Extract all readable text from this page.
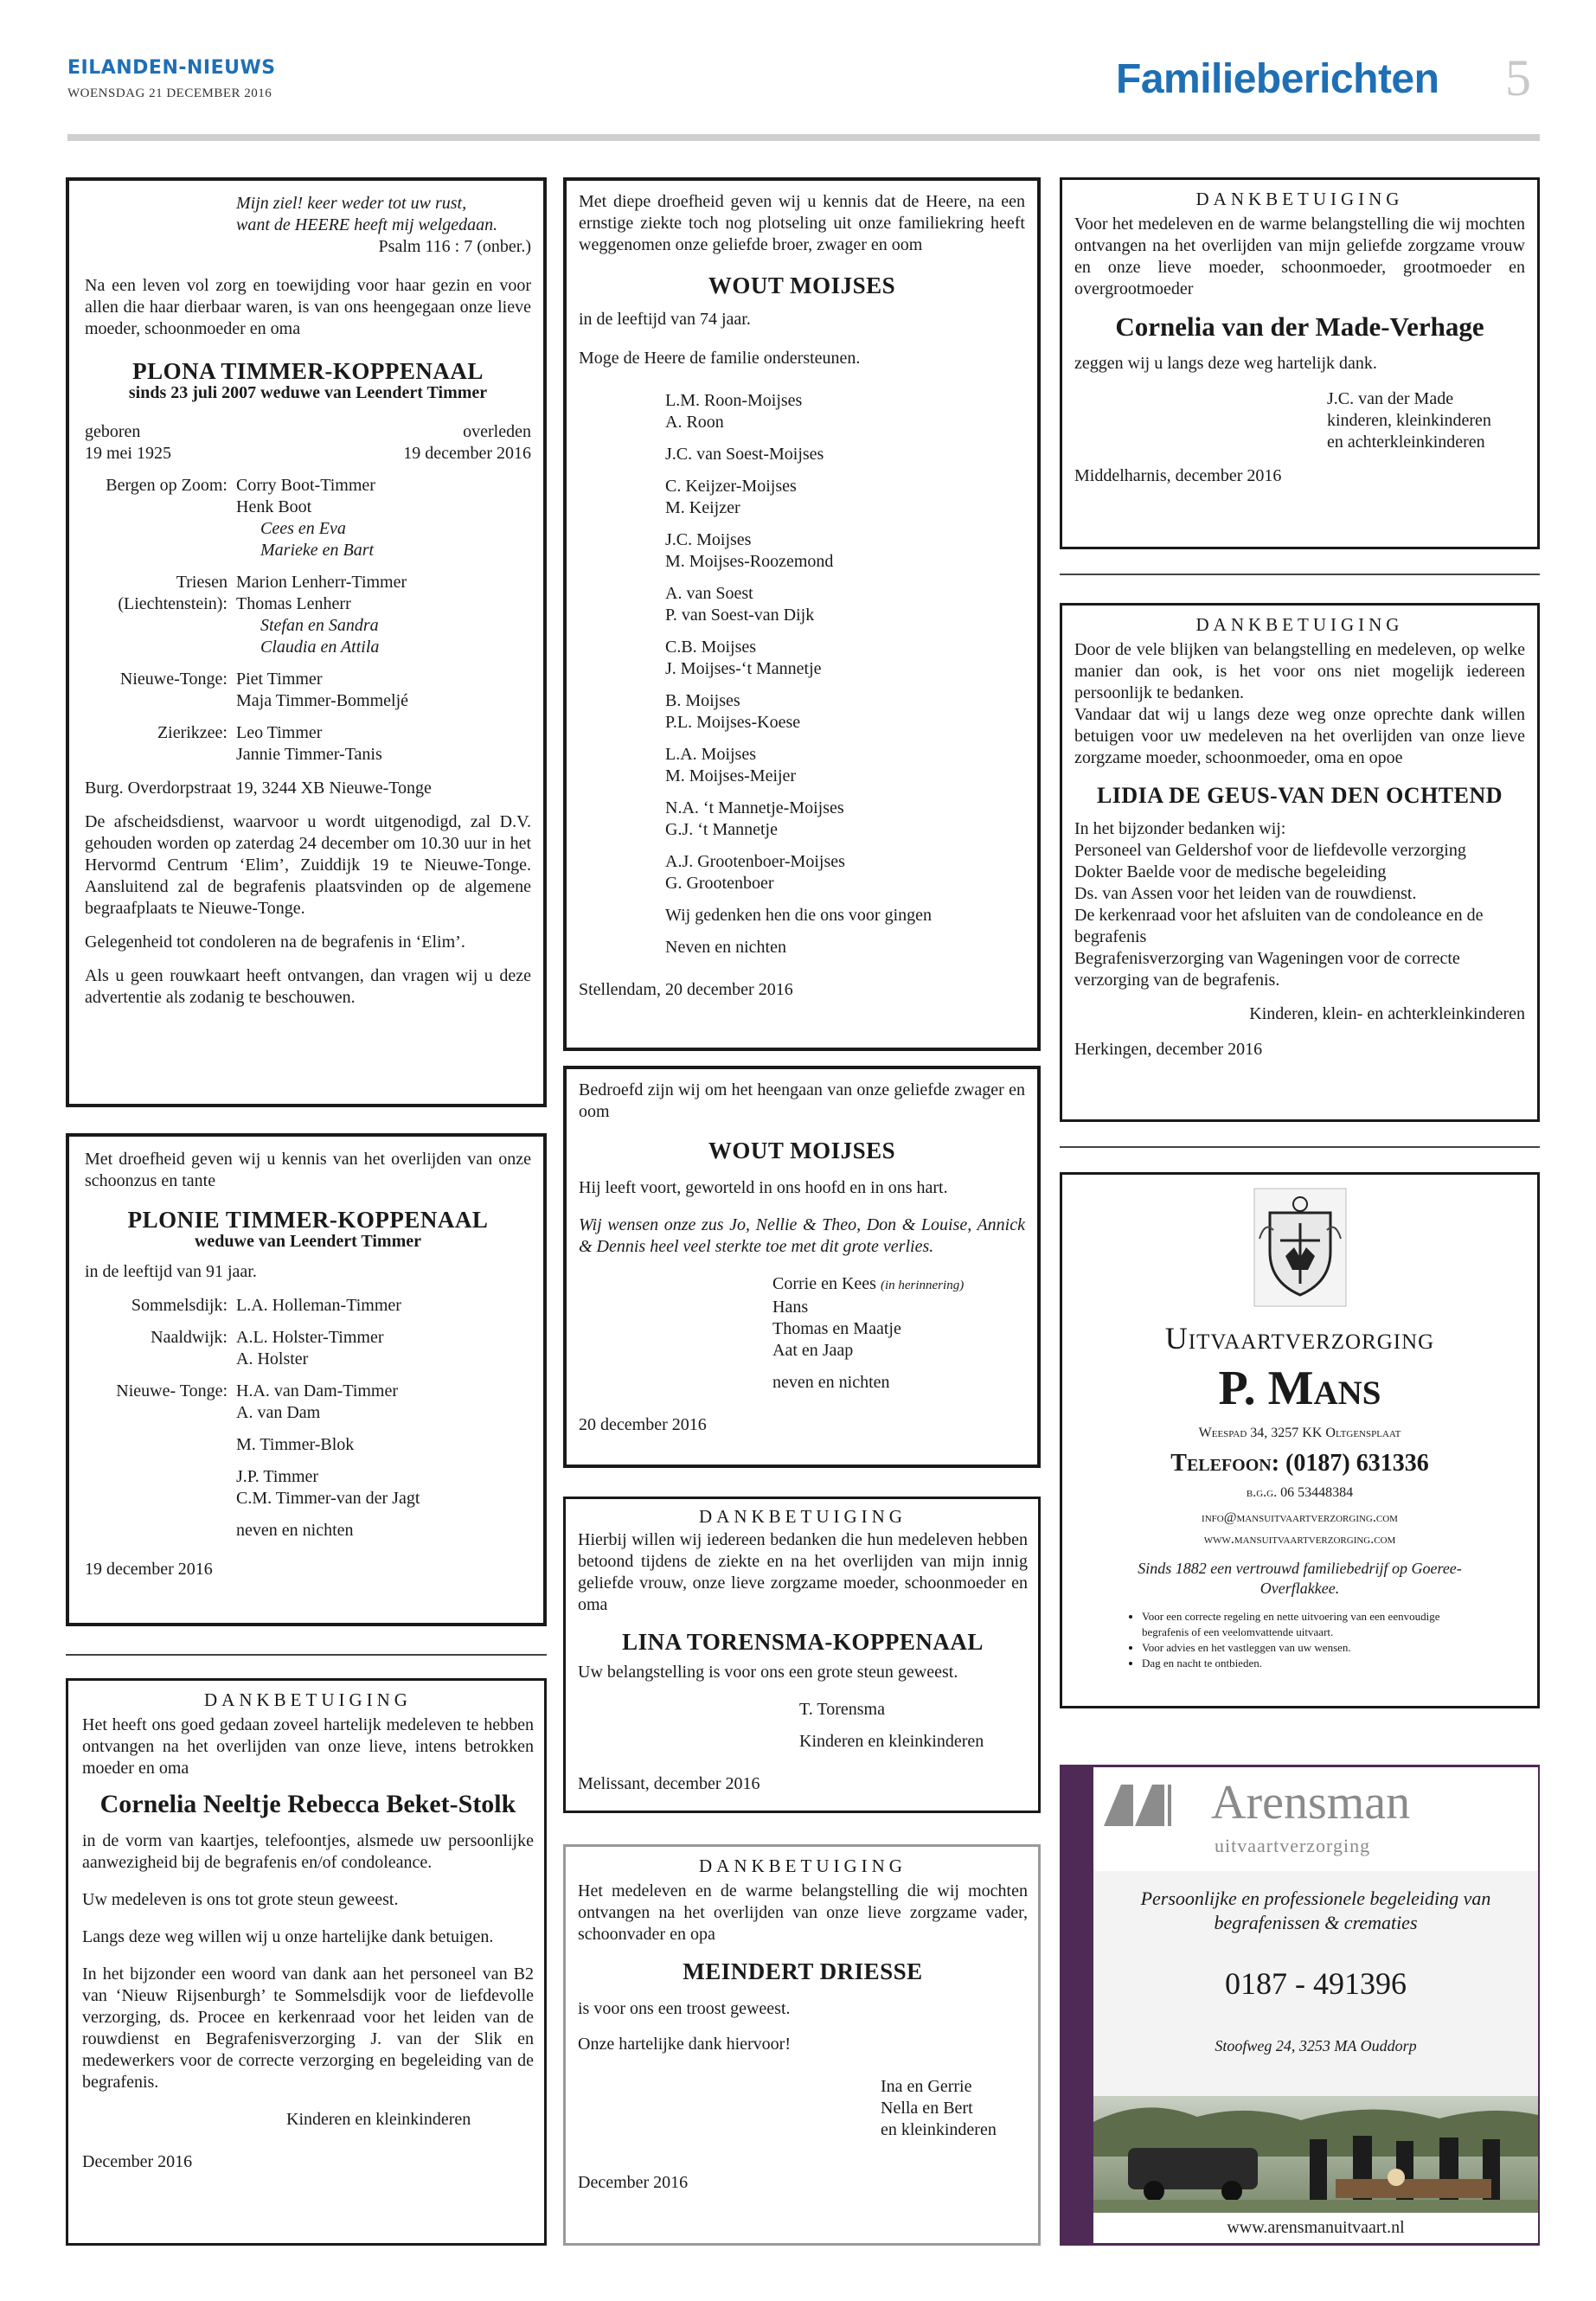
EILANDEN-NIEUWS
WOENSDAG 21 DECEMBER 2016	Familieberichten 5
Mijn ziel! keer weder tot uw rust,
want de HEERE heeft mij welgedaan.
Psalm 116 : 7 (onber.)
Na een leven vol zorg en toewijding voor haar gezin en voor allen die haar dierbaar waren, is van ons heengegaan onze lieve moeder, schoonmoeder en oma
PLONA TIMMER-KOPPENAAL
sinds 23 juli 2007 weduwe van Leendert Timmer
geboren
19 mei 1925
overleden
19 december 2016
Bergen op Zoom: Corry Boot-Timmer
Henk Boot
Cees en Eva
Marieke en Bart
Triesen (Liechtenstein):
Marion Lenherr-Timmer
Thomas Lenherr
Stefan en Sandra
Claudia en Attila
Nieuwe-Tonge: Piet Timmer
Maja Timmer-Bommeljé
Zierikzee: Leo Timmer
Jannie Timmer-Tanis
Burg. Overdorpstraat 19, 3244 XB Nieuwe-Tonge
De afscheidsdienst, waarvoor u wordt uitgenodigd, zal D.V. gehouden worden op zaterdag 24 december om 10.30 uur in het Hervormd Centrum ‘Elim’, Zuiddijk 19 te Nieuwe-Tonge. Aansluitend zal de begrafenis plaatsvinden op de algemene begraafplaats te Nieuwe-Tonge.
Gelegenheid tot condoleren na de begrafenis in ‘Elim’.
Als u geen rouwkaart heeft ontvangen, dan vragen wij u deze advertentie als zodanig te beschouwen.
Met droefheid geven wij u kennis van het overlijden van onze schoonzus en tante
PLONIE TIMMER-KOPPENAAL
weduwe van Leendert Timmer
in de leeftijd van 91 jaar.
Sommelsdijk: L.A. Holleman-Timmer
Naaldwijk: A.L. Holster-Timmer
A. Holster
Nieuwe- Tonge: H.A. van Dam-Timmer
A. van Dam
M. Timmer-Blok
J.P. Timmer
C.M. Timmer-van der Jagt
neven en nichten
19 december 2016
DANKBETUIGING
Het heeft ons goed gedaan zoveel hartelijk medeleven te hebben ontvangen na het overlijden van onze lieve, intens betrokken moeder en oma
Cornelia Neeltje Rebecca Beket-Stolk
in de vorm van kaartjes, telefoontjes, alsmede uw persoonlijke aanwezigheid bij de begrafenis en/of condoleance.
Uw medeleven is ons tot grote steun geweest.
Langs deze weg willen wij u onze hartelijke dank betuigen.
In het bijzonder een woord van dank aan het personeel van B2 van ‘Nieuw Rijsenburgh’ te Sommelsdijk voor de liefdevolle verzorging, ds. Procee en kerkenraad voor het leiden van de rouwdienst en Begrafenisverzorging J. van der Slik en medewerkers voor de correcte verzorging en begeleiding van de begrafenis.
Kinderen en kleinkinderen
December 2016
Met diepe droefheid geven wij u kennis dat de Heere, na een ernstige ziekte toch nog plotseling uit onze familiekring heeft weggenomen onze geliefde broer, zwager en oom
WOUT MOIJSES
in de leeftijd van 74 jaar.
Moge de Heere de familie ondersteunen.
L.M. Roon-Moijses
A. Roon
J.C. van Soest-Moijses
C. Keijzer-Moijses
M. Keijzer
J.C. Moijses
M. Moijses-Roozemond
A. van Soest
P. van Soest-van Dijk
C.B. Moijses
J. Moijses-‘t Mannetje
B. Moijses
P.L. Moijses-Koese
L.A. Moijses
M. Moijses-Meijer
N.A. ‘t Mannetje-Moijses
G.J. ‘t Mannetje
A.J. Grootenboer-Moijses
G. Grootenboer
Wij gedenken hen die ons voor gingen
Neven en nichten
Stellendam, 20 december 2016
Bedroefd zijn wij om het heengaan van onze geliefde zwager en oom
WOUT MOIJSES
Hij leeft voort, geworteld in ons hoofd en in ons hart.
Wij wensen onze zus Jo, Nellie & Theo, Don & Louise, Annick & Dennis heel veel sterkte toe met dit grote verlies.
Corrie en Kees (in herinnering)
Hans
Thomas en Maatje
Aat en Jaap
neven en nichten
20 december 2016
DANKBETUIGING
Hierbij willen wij iedereen bedanken die hun medeleven hebben betoond tijdens de ziekte en na het overlijden van mijn innig geliefde vrouw, onze lieve zorgzame moeder, schoonmoeder en oma
LINA TORENSMA-KOPPENAAL
Uw belangstelling is voor ons een grote steun geweest.
T. Torensma
Kinderen en kleinkinderen
Melissant, december 2016
DANKBETUIGING
Het medeleven en de warme belangstelling die wij mochten ontvangen na het overlijden van onze lieve zorgzame vader, schoonvader en opa
MEINDERT DRIESSE
is voor ons een troost geweest.
Onze hartelijke dank hiervoor!
Ina en Gerrie
Nella en Bert
en kleinkinderen
December 2016
DANKBETUIGING
Voor het medeleven en de warme belangstelling die wij mochten ontvangen na het overlijden van mijn geliefde zorgzame vrouw en onze lieve moeder, schoonmoeder, grootmoeder en overgrootmoeder
Cornelia van der Made-Verhage
zeggen wij u langs deze weg hartelijk dank.
J.C. van der Made
kinderen, kleinkinderen
en achterkleinkinderen
Middelharnis, december 2016
DANKBETUIGING
Door de vele blijken van belangstelling en medeleven, op welke manier dan ook, is het voor ons niet mogelijk iedereen persoonlijk te bedanken.
Vandaar dat wij u langs deze weg onze oprechte dank willen betuigen voor uw medeleven na het overlijden van onze lieve zorgzame moeder, schoonmoeder, oma en opoe
LIDIA DE GEUS-VAN DEN OCHTEND
In het bijzonder bedanken wij:
Personeel van Geldershof voor de liefdevolle verzorging
Dokter Baelde voor de medische begeleiding
Ds. van Assen voor het leiden van de rouwdienst.
De kerkenraad voor het afsluiten van de condoleance en de begrafenis
Begrafenisverzorging van Wageningen voor de correcte verzorging van de begrafenis.
Kinderen, klein- en achterkleinkinderen
Herkingen, december 2016
Uitvaartverzorging
P. Mans
Weespad 34, 3257 KK Oltgensplaat
Telefoon: (0187) 631336
b.g.g. 06 53448384
info@mansuitvaartverzorging.com
www.mansuitvaartverzorging.com
Sinds 1882 een vertrouwd familiebedrijf op Goeree-Overflakkee.
• Voor een correcte regeling en nette uitvoering van een eenvoudige begrafenis of een veelomvattende uitvaart.
• Voor advies en het vastleggen van uw wensen.
• Dag en nacht te ontbieden.
Arensman
uitvaartverzorging
Persoonlijke en professionele begeleiding van begrafenissen & crematies
0187 - 491396
Stoofweg 24, 3253 MA Ouddorp
www.arensmanuitvaart.nl
